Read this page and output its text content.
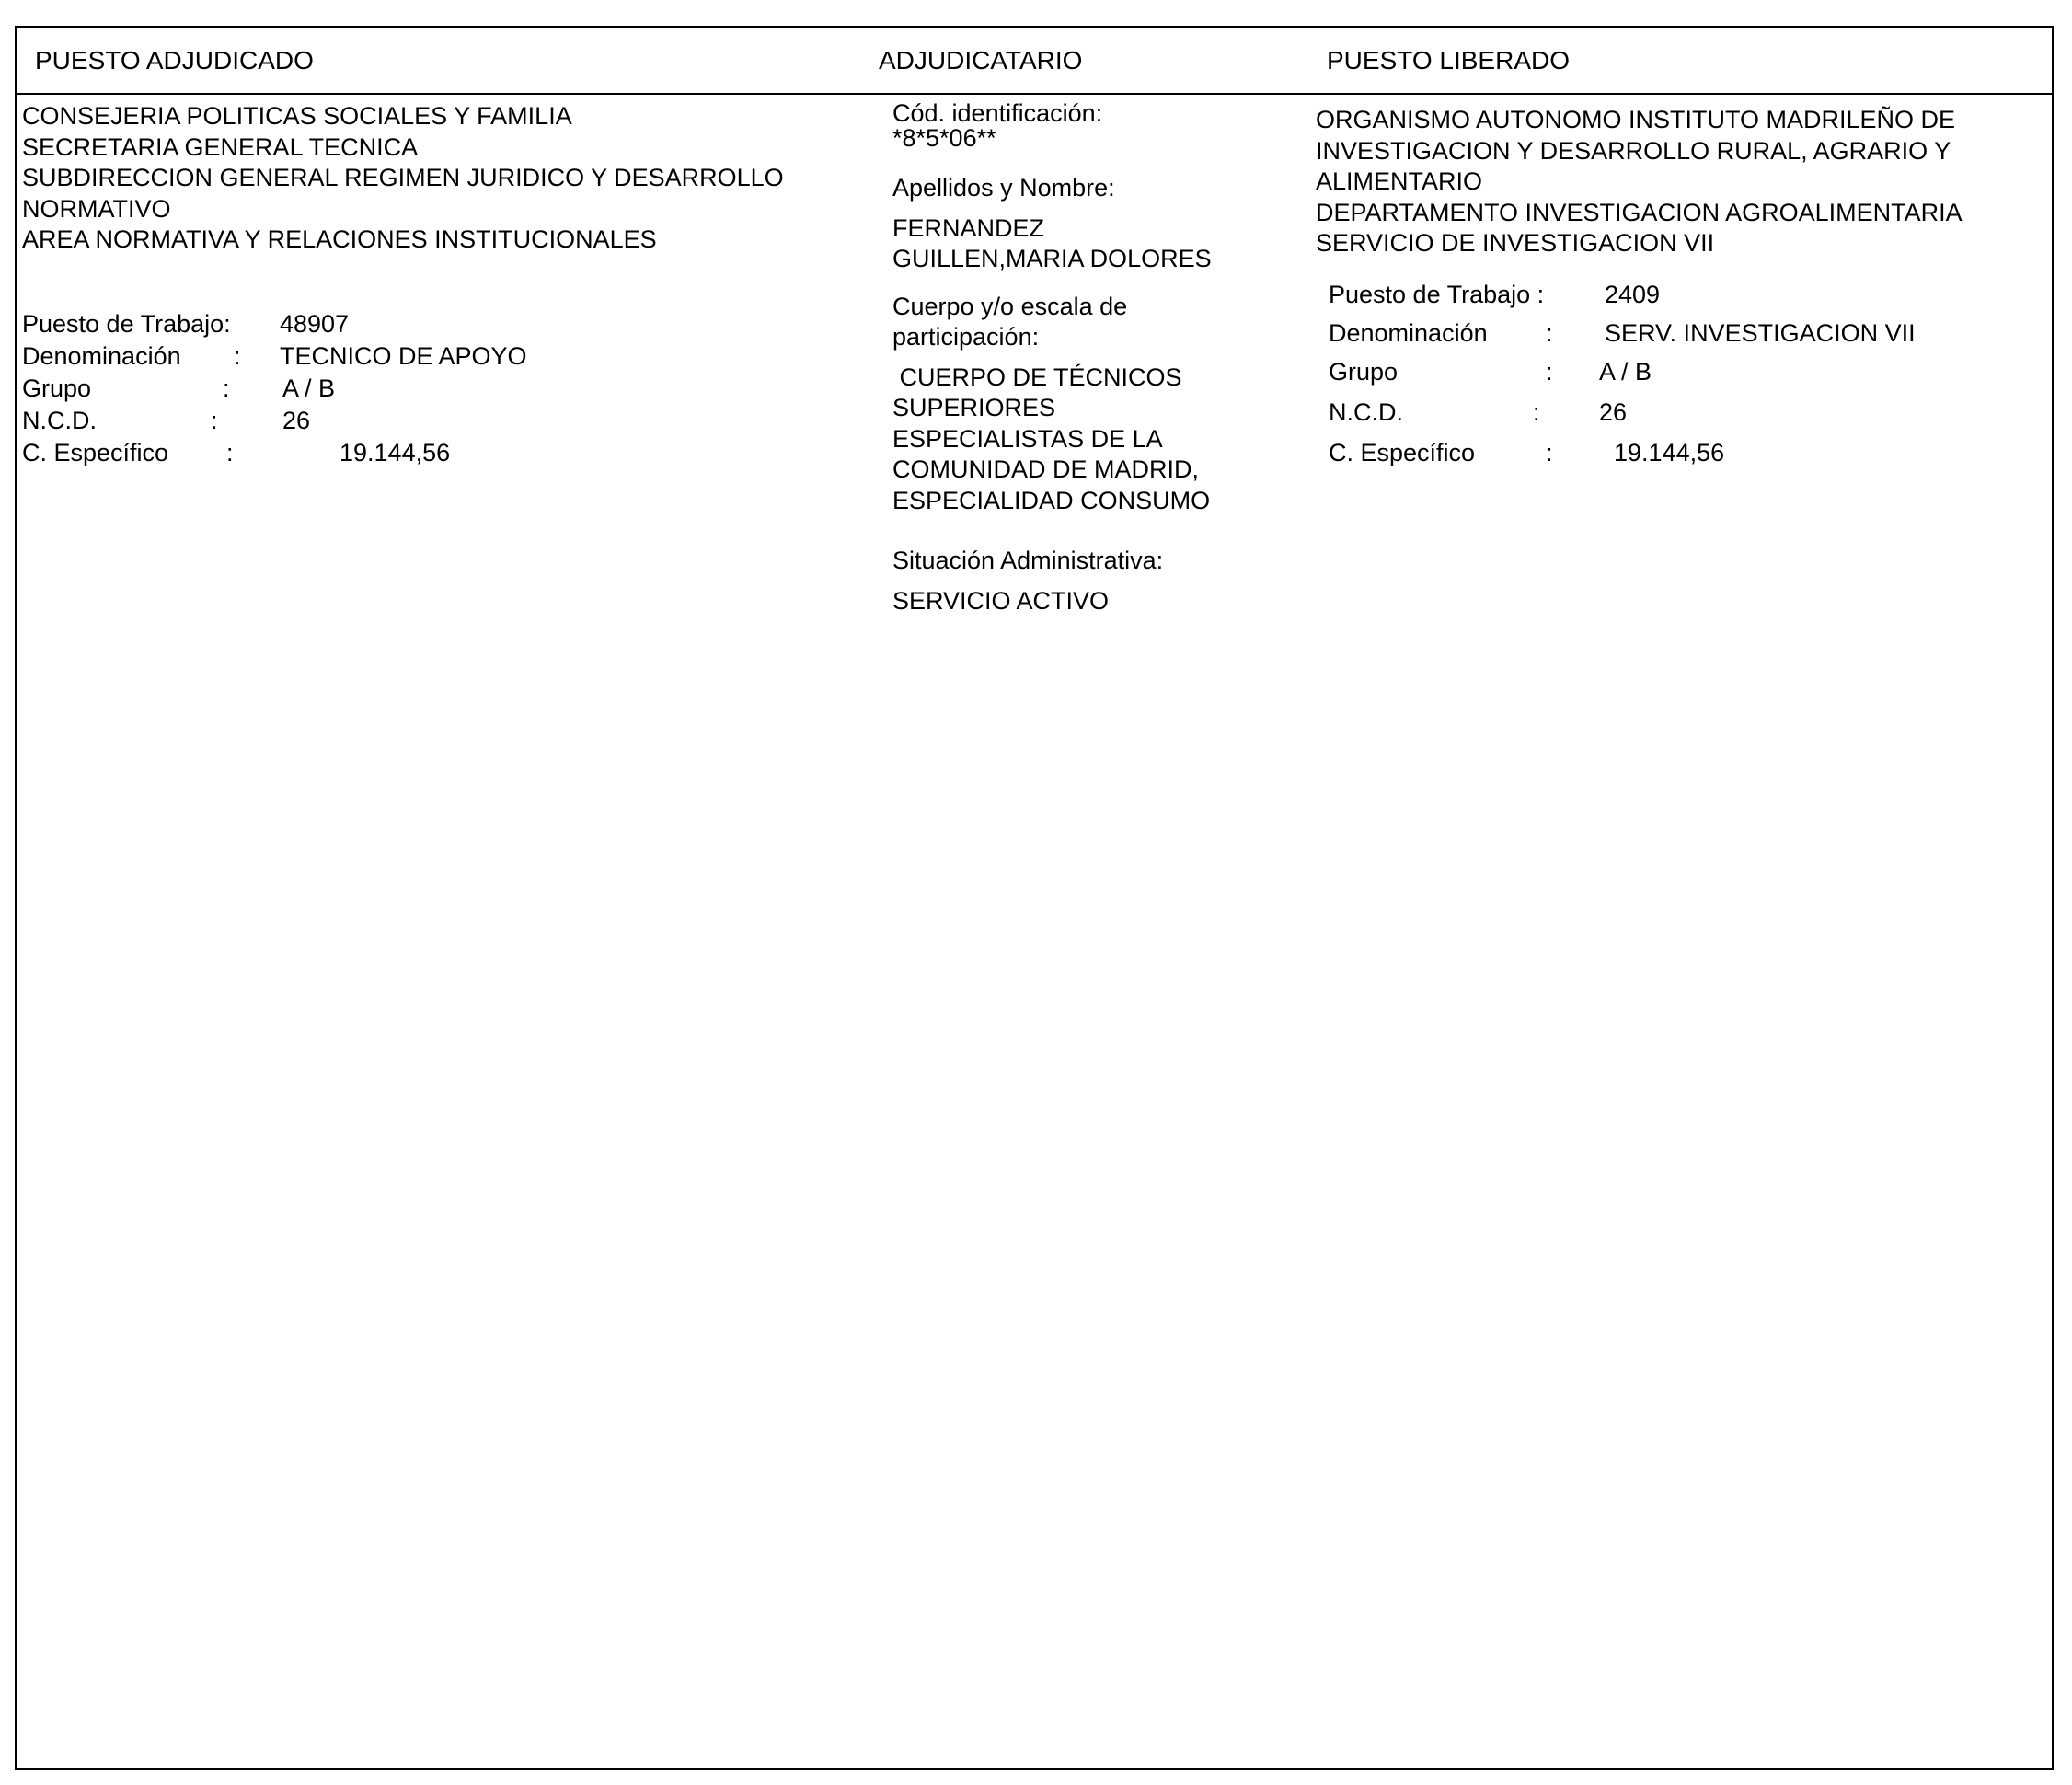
PUESTO ADJUDICADO	ADJUDICATARIO	PUESTO LIBERADO
CONSEJERIA POLITICAS SOCIALES Y FAMILIA
SECRETARIA GENERAL TECNICA
SUBDIRECCION GENERAL REGIMEN JURIDICO Y DESARROLLO
NORMATIVO
AREA NORMATIVA Y RELACIONES INSTITUCIONALES
Puesto de Trabajo: 48907
Denominación : TECNICO DE APOYO
Grupo	: A / B
N.C.D.	:	26
C. Específico :	19.144,56
Cód. identificación:
*8*5*06**
Apellidos y Nombre:
FERNANDEZ
GUILLEN,MARIA DOLORES
Cuerpo y/o escala de
participación:
CUERPO DE TÉCNICOS
SUPERIORES
ESPECIALISTAS DE LA
COMUNIDAD DE MADRID,
ESPECIALIDAD CONSUMO
Situación Administrativa:
SERVICIO ACTIVO
ORGANISMO AUTONOMO INSTITUTO MADRILEÑO DE
INVESTIGACION Y DESARROLLO RURAL, AGRARIO Y
ALIMENTARIO
DEPARTAMENTO INVESTIGACION AGROALIMENTARIA
SERVICIO DE INVESTIGACION VII
Puesto de Trabajo : 2409
Denominación : SERV. INVESTIGACION VII
Grupo	: A / B
N.C.D.	: 26
C. Específico	: 19.144,56
